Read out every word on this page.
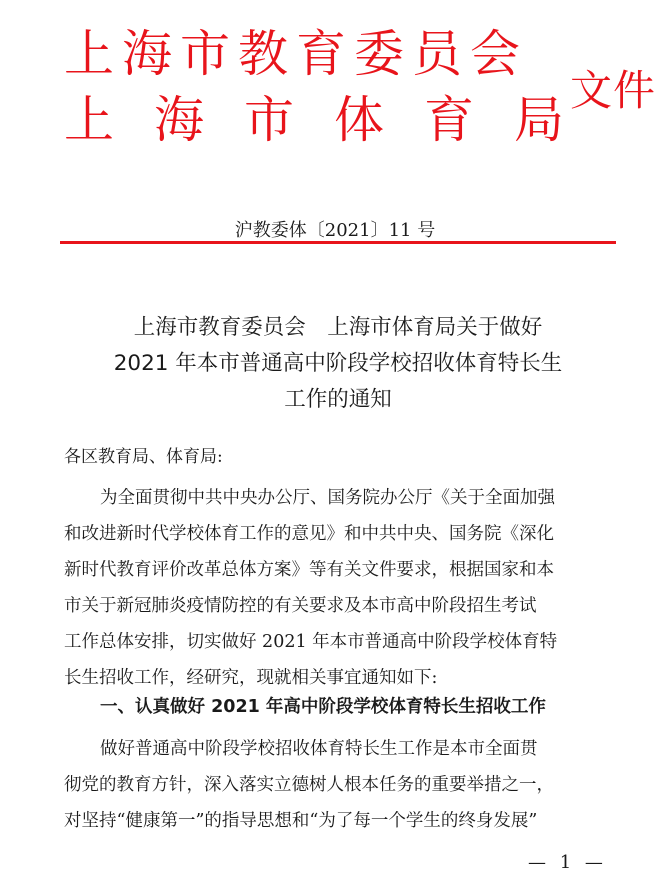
上海市教育委员会
上海市体育局
文件
沪教委体〔2021〕11 号
上海市教育委员会　上海市体育局关于做好
2021 年本市普通高中阶段学校招收体育特长生
工作的通知
各区教育局、体育局:
为全面贯彻中共中央办公厅、国务院办公厅《关于全面加强
和改进新时代学校体育工作的意见》和中共中央、国务院《深化
新时代教育评价改革总体方案》等有关文件要求，根据国家和本
市关于新冠肺炎疫情防控的有关要求及本市高中阶段招生考试
工作总体安排，切实做好 2021 年本市普通高中阶段学校体育特
长生招收工作，经研究，现就相关事宜通知如下:
一、认真做好 2021 年高中阶段学校体育特长生招收工作
做好普通高中阶段学校招收体育特长生工作是本市全面贯
彻党的教育方针，深入落实立德树人根本任务的重要举措之一，
对坚持“健康第一”的指导思想和“为了每一个学生的终身发展”
— 1 —
